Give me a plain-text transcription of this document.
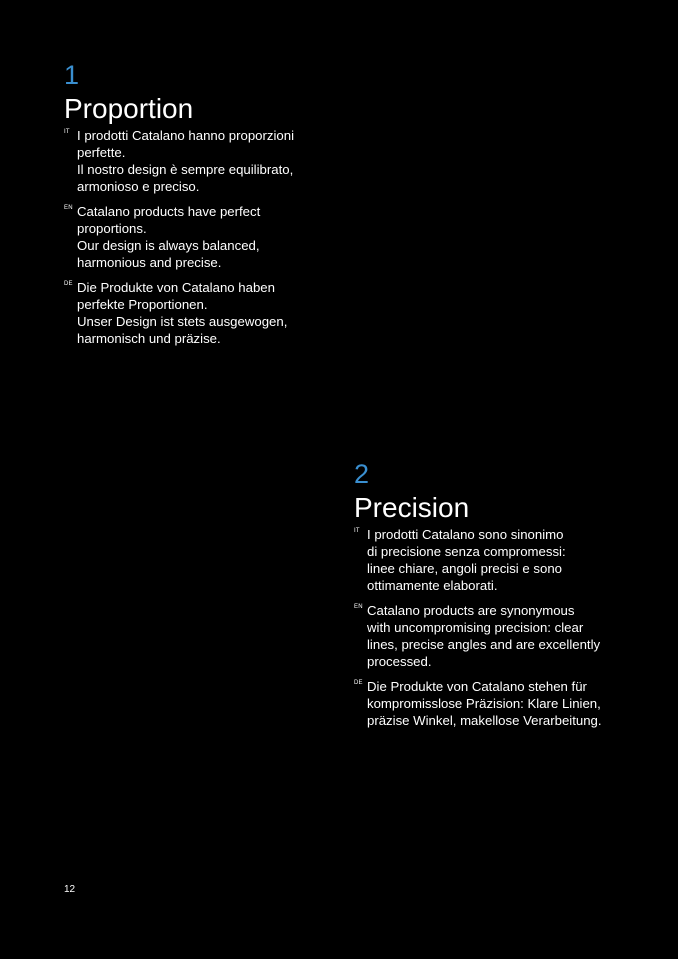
1
Proportion
IT I prodotti Catalano hanno proporzioni
perfette.
Il nostro design è sempre equilibrato,
armonioso e preciso.
EN Catalano products have perfect
proportions.
Our design is always balanced,
harmonious and precise.
DE Die Produkte von Catalano haben
perfekte Proportionen.
Unser Design ist stets ausgewogen,
harmonisch und präzise.
2
Precision
IT I prodotti Catalano sono sinonimo
di precisione senza compromessi:
linee chiare, angoli precisi e sono
ottimamente elaborati.
EN Catalano products are synonymous
with uncompromising precision: clear
lines, precise angles and are excellently
processed.
DE Die Produkte von Catalano stehen für
kompromisslose Präzision: Klare Linien,
präzise Winkel, makellose Verarbeitung.
12
